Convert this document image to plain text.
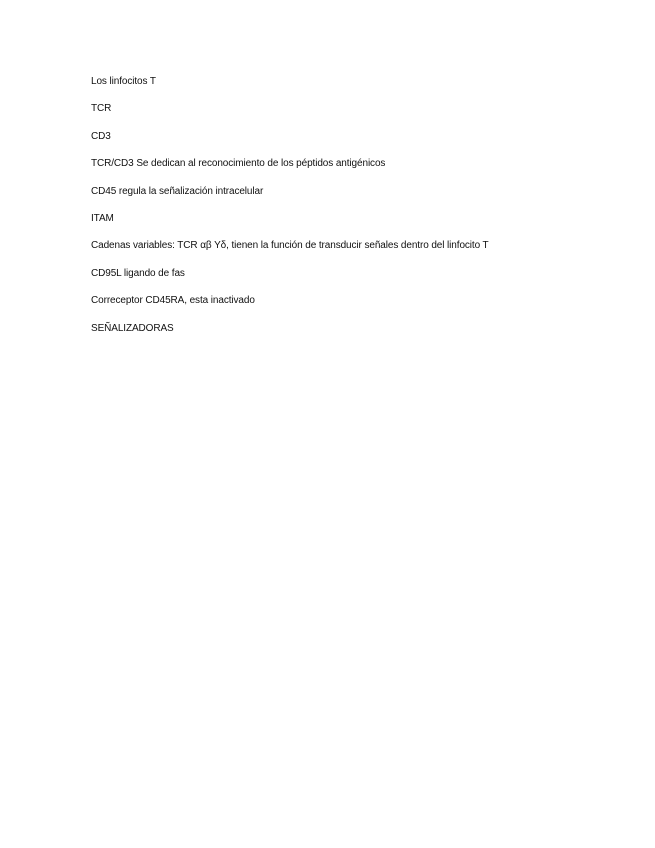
Los linfocitos T

TCR

CD3

TCR/CD3 Se dedican al reconocimiento de los péptidos antigénicos

CD45 regula la señalización intracelular

ITAM

Cadenas variables: TCR αβ Υδ, tienen la función de transducir señales dentro del linfocito T

CD95L ligando de fas

Correceptor CD45RA, esta inactivado

SEÑALIZADORAS
